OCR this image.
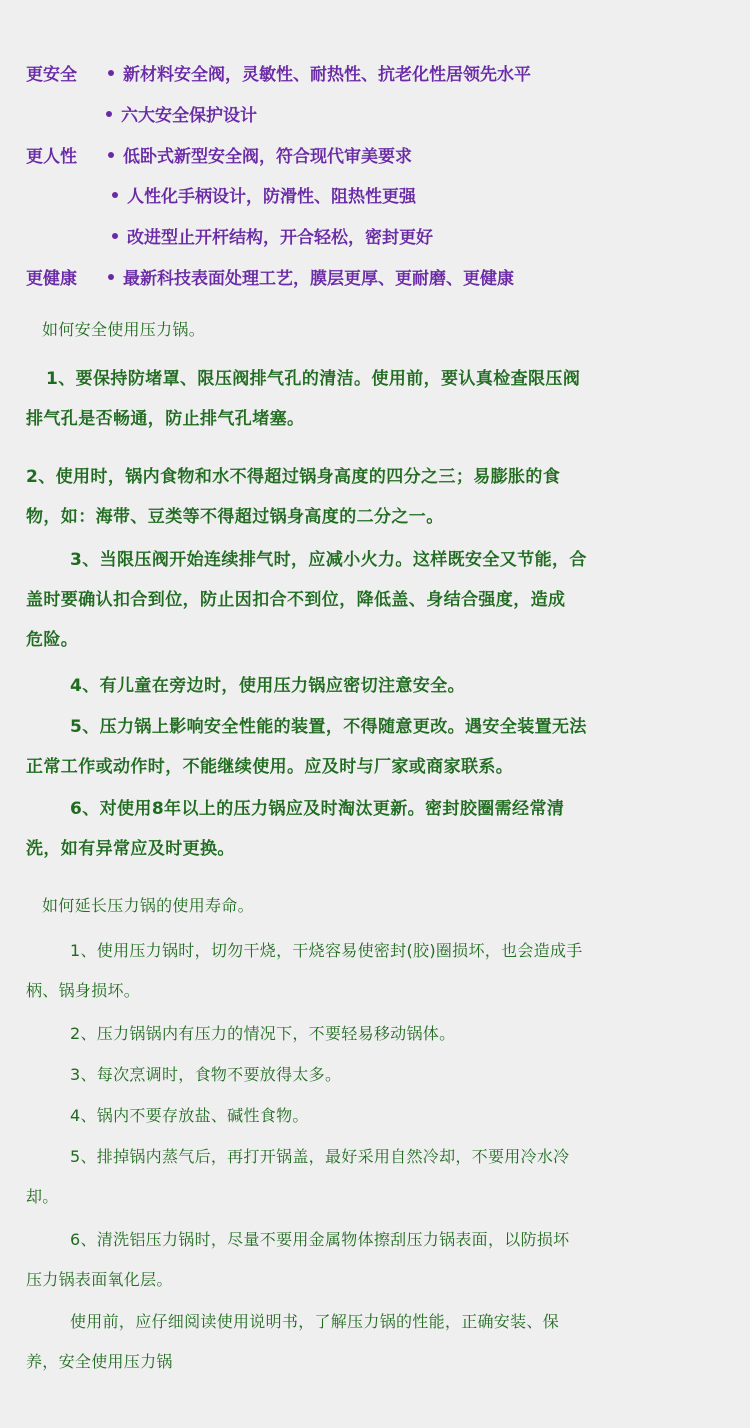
更安全	新材料安全阀，灵敏性、耐热性、抗老化性居领先水平
六大安全保护设计
更人性	低卧式新型安全阀，符合现代审美要求
人性化手柄设计，防滑性、阻热性更强
改进型止开杆结构，开合轻松，密封更好
更健康	最新科技表面处理工艺，膜层更厚、更耐磨、更健康
如何安全使用压力锅。
1、要保持防堵罩、限压阀排气孔的清洁。使用前，要认真检查限压阀
排气孔是否畅通，防止排气孔堵塞。
2、使用时，锅内食物和水不得超过锅身高度的四分之三；易膨胀的食
物，如：海带、豆类等不得超过锅身高度的二分之一。
3、当限压阀开始连续排气时，应减小火力。这样既安全又节能，合
盖时要确认扣合到位，防止因扣合不到位，降低盖、身结合强度，造成
危险。
4、有儿童在旁边时，使用压力锅应密切注意安全。
5、压力锅上影响安全性能的装置，不得随意更改。遇安全装置无法
正常工作或动作时，不能继续使用。应及时与厂家或商家联系。
6、对使用8年以上的压力锅应及时淘汰更新。密封胶圈需经常清
洗，如有异常应及时更换。
如何延长压力锅的使用寿命。
1、使用压力锅时，切勿干烧，干烧容易使密封(胶)圈损坏，也会造成手
柄、锅身损坏。
2、压力锅锅内有压力的情况下，不要轻易移动锅体。
3、每次烹调时，食物不要放得太多。
4、锅内不要存放盐、碱性食物。
5、排掉锅内蒸气后，再打开锅盖，最好采用自然冷却，不要用冷水冷
却。
6、清洗铝压力锅时，尽量不要用金属物体擦刮压力锅表面，以防损坏
压力锅表面氧化层。
使用前，应仔细阅读使用说明书，了解压力锅的性能，正确安装、保
养，安全使用压力锅
